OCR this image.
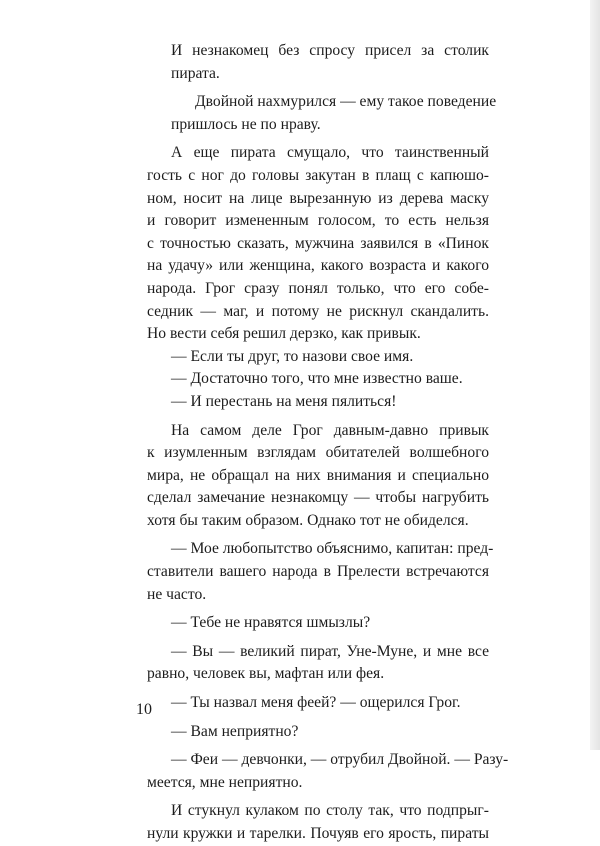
И незнакомец без спросу присел за столик
пирата.

Двойной нахмурился — ему такое поведение
пришлось не по нраву.

А еще пирата смущало, что таинственный
гость с ног до головы закутан в плащ с капюшо-
ном, носит на лице вырезанную из дерева маску
и говорит измененным голосом, то есть нельзя
с точностью сказать, мужчина заявился в «Пинок
на удачу» или женщина, какого возраста и какого
народа. Грог сразу понял только, что его собе-
седник — маг, и потому не рискнул скандалить.
Но вести себя решил дерзко, как привык.

— Если ты друг, то назови свое имя.

— Достаточно того, что мне известно ваше.

— И перестань на меня пялиться!

На самом деле Грог давным-давно привык
к изумленным взглядам обитателей волшебного
мира, не обращал на них внимания и специально
сделал замечание незнакомцу — чтобы нагрубить
хотя бы таким образом. Однако тот не обиделся.

— Мое любопытство объяснимо, капитан: пред-
ставители вашего народа в Прелести встречаются
не часто.

— Тебе не нравятся шмызлы?

— Вы — великий пират, Уне-Муне, и мне все
равно, человек вы, мафтан или фея.

— Ты назвал меня феей? — ощерился Грог.

— Вам неприятно?

— Феи — девчонки, — отрубил Двойной. — Разу-
меется, мне неприятно.

И стукнул кулаком по столу так, что подпрыг-
нули кружки и тарелки. Почуяв его ярость, пираты

10
